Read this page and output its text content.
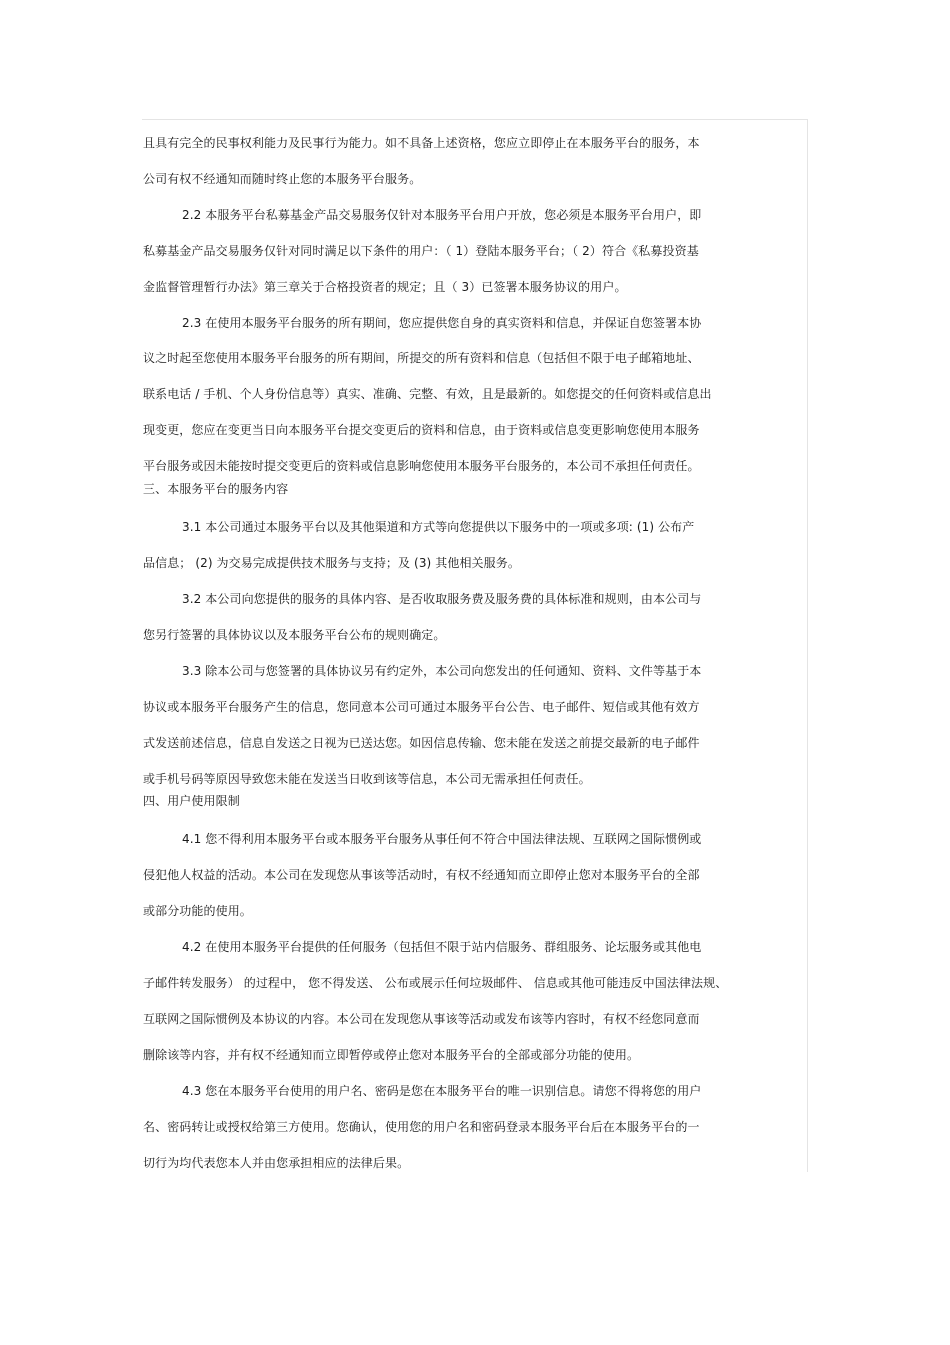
且具有完全的民事权利能力及民事行为能力。如不具备上述资格，您应立即停止在本服务平台的服务，本
公司有权不经通知而随时终止您的本服务平台服务。
2.2 本服务平台私募基金产品交易服务仅针对本服务平台用户开放，您必须是本服务平台用户，即
私募基金产品交易服务仅针对同时满足以下条件的用户：（ 1）登陆本服务平台；（ 2）符合《私募投资基
金监督管理暂行办法》第三章关于合格投资者的规定；且（ 3）已签署本服务协议的用户。
2.3 在使用本服务平台服务的所有期间，您应提供您自身的真实资料和信息，并保证自您签署本协
议之时起至您使用本服务平台服务的所有期间，所提交的所有资料和信息（包括但不限于电子邮箱地址、
联系电话 / 手机、个人身份信息等）真实、准确、完整、有效，且是最新的。如您提交的任何资料或信息出
现变更，您应在变更当日向本服务平台提交变更后的资料和信息，由于资料或信息变更影响您使用本服务
平台服务或因未能按时提交变更后的资料或信息影响您使用本服务平台服务的，本公司不承担任何责任。
三、本服务平台的服务内容
3.1 本公司通过本服务平台以及其他渠道和方式等向您提供以下服务中的一项或多项: (1) 公布产
品信息； (2) 为交易完成提供技术服务与支持；及 (3) 其他相关服务。
3.2 本公司向您提供的服务的具体内容、是否收取服务费及服务费的具体标准和规则，由本公司与
您另行签署的具体协议以及本服务平台公布的规则确定。
3.3 除本公司与您签署的具体协议另有约定外，本公司向您发出的任何通知、资料、文件等基于本
协议或本服务平台服务产生的信息，您同意本公司可通过本服务平台公告、电子邮件、短信或其他有效方
式发送前述信息，信息自发送之日视为已送达您。如因信息传输、您未能在发送之前提交最新的电子邮件
或手机号码等原因导致您未能在发送当日收到该等信息，本公司无需承担任何责任。
四、用户使用限制
4.1 您不得利用本服务平台或本服务平台服务从事任何不符合中国法律法规、互联网之国际惯例或
侵犯他人权益的活动。本公司在发现您从事该等活动时，有权不经通知而立即停止您对本服务平台的全部
或部分功能的使用。
4.2 在使用本服务平台提供的任何服务（包括但不限于站内信服务、群组服务、论坛服务或其他电
子邮件转发服务） 的过程中， 您不得发送、 公布或展示任何垃圾邮件、 信息或其他可能违反中国法律法规、
互联网之国际惯例及本协议的内容。本公司在发现您从事该等活动或发布该等内容时，有权不经您同意而
删除该等内容，并有权不经通知而立即暂停或停止您对本服务平台的全部或部分功能的使用。
4.3 您在本服务平台使用的用户名、密码是您在本服务平台的唯一识别信息。请您不得将您的用户
名、密码转让或授权给第三方使用。您确认，使用您的用户名和密码登录本服务平台后在本服务平台的一
切行为均代表您本人并由您承担相应的法律后果。
